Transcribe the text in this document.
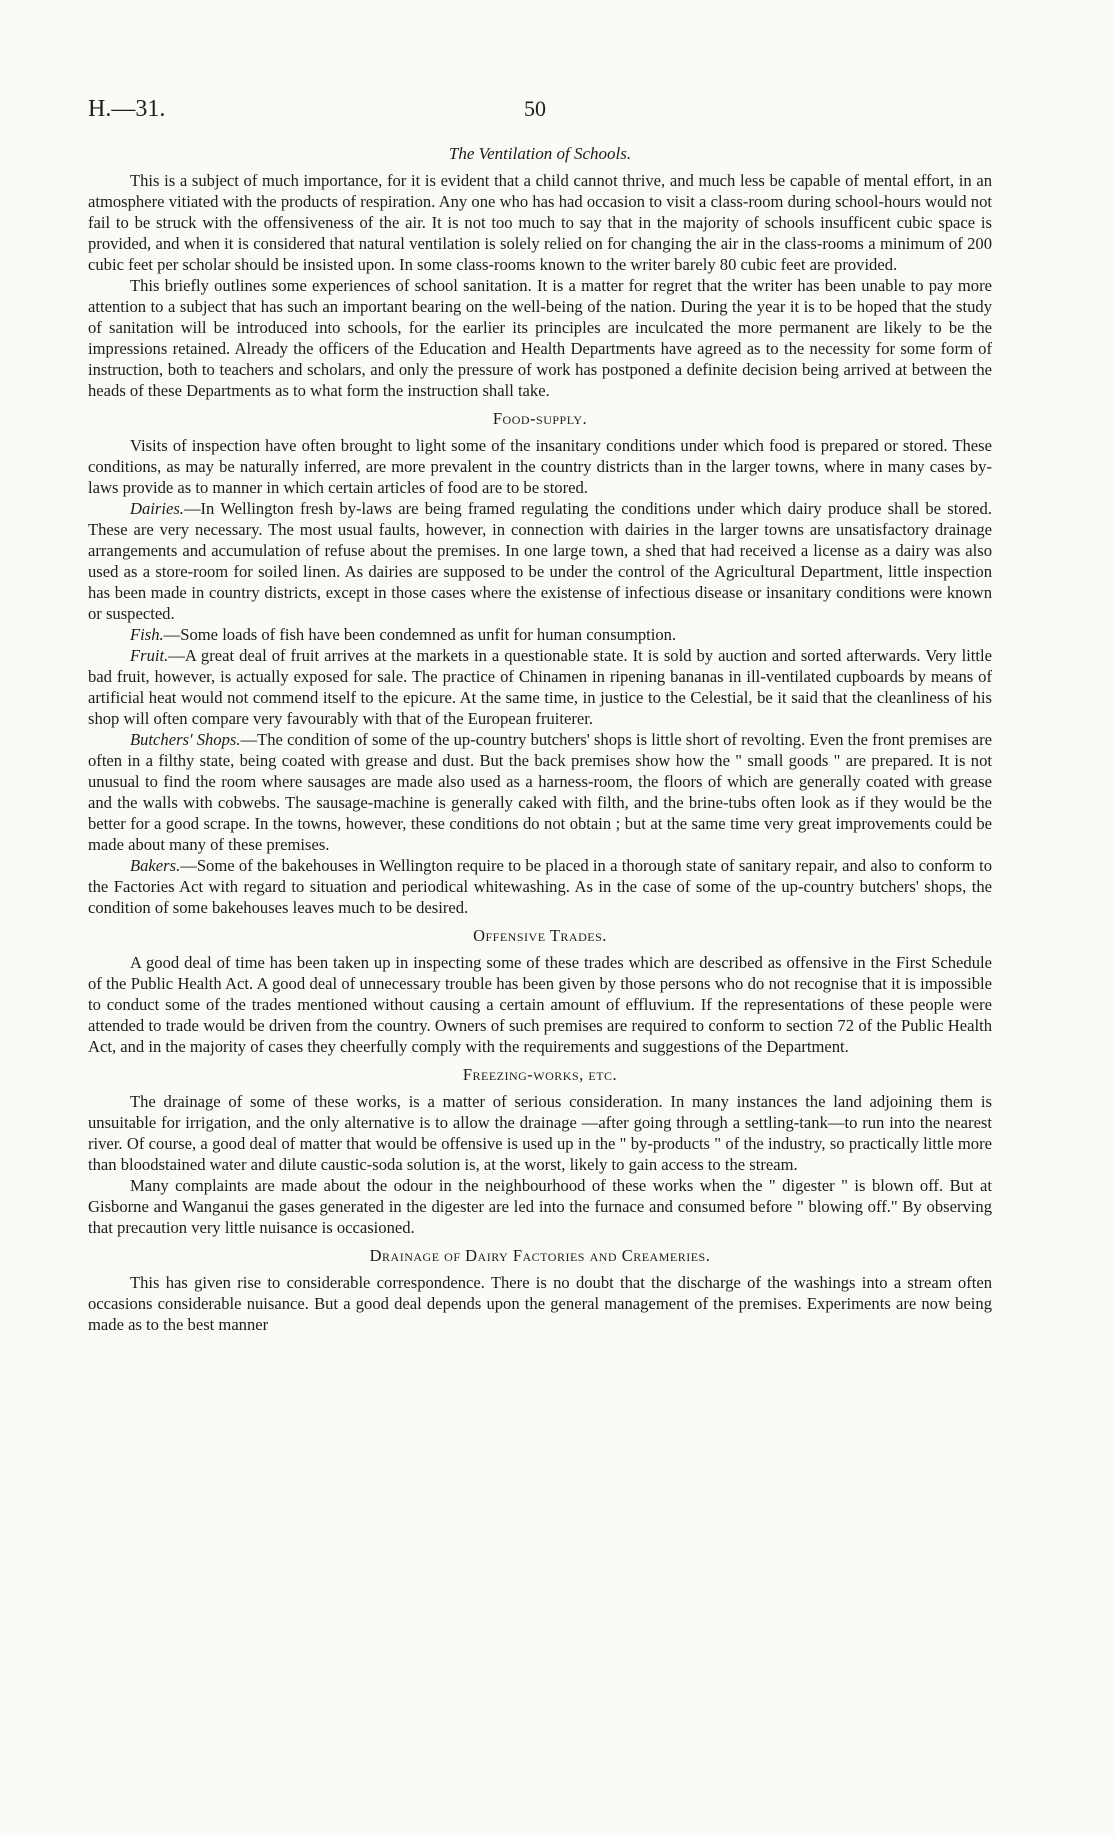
H.—31.	50
The Ventilation of Schools.

This is a subject of much importance, for it is evident that a child cannot thrive, and much less be capable of mental effort, in an atmosphere vitiated with the products of respiration. Any one who has had occasion to visit a class-room during school-hours would not fail to be struck with the offensiveness of the air. It is not too much to say that in the majority of schools insufficent cubic space is provided, and when it is considered that natural ventilation is solely relied on for changing the air in the class-rooms a minimum of 200 cubic feet per scholar should be insisted upon. In some class-rooms known to the writer barely 80 cubic feet are provided.

This briefly outlines some experiences of school sanitation. It is a matter for regret that the writer has been unable to pay more attention to a subject that has such an important bearing on the well-being of the nation. During the year it is to be hoped that the study of sanitation will be introduced into schools, for the earlier its principles are inculcated the more permanent are likely to be the impressions retained. Already the officers of the Education and Health Departments have agreed as to the necessity for some form of instruction, both to teachers and scholars, and only the pressure of work has postponed a definite decision being arrived at between the heads of these Departments as to what form the instruction shall take.

Food-supply.

Visits of inspection have often brought to light some of the insanitary conditions under which food is prepared or stored. These conditions, as may be naturally inferred, are more prevalent in the country districts than in the larger towns, where in many cases by-laws provide as to manner in which certain articles of food are to be stored.

Dairies.—In Wellington fresh by-laws are being framed regulating the conditions under which dairy produce shall be stored. These are very necessary. The most usual faults, however, in connection with dairies in the larger towns are unsatisfactory drainage arrangements and accumulation of refuse about the premises. In one large town, a shed that had received a license as a dairy was also used as a store-room for soiled linen. As dairies are supposed to be under the control of the Agricultural Department, little inspection has been made in country districts, except in those cases where the existense of infectious disease or insanitary conditions were known or suspected.

Fish.—Some loads of fish have been condemned as unfit for human consumption.

Fruit.—A great deal of fruit arrives at the markets in a questionable state. It is sold by auction and sorted afterwards. Very little bad fruit, however, is actually exposed for sale. The practice of Chinamen in ripening bananas in ill-ventilated cupboards by means of artificial heat would not commend itself to the epicure. At the same time, in justice to the Celestial, be it said that the cleanliness of his shop will often compare very favourably with that of the European fruiterer.

Butchers' Shops.—The condition of some of the up-country butchers' shops is little short of revolting. Even the front premises are often in a filthy state, being coated with grease and dust. But the back premises show how the " small goods " are prepared. It is not unusual to find the room where sausages are made also used as a harness-room, the floors of which are generally coated with grease and the walls with cobwebs. The sausage-machine is generally caked with filth, and the brine-tubs often look as if they would be the better for a good scrape. In the towns, however, these conditions do not obtain ; but at the same time very great improvements could be made about many of these premises.

Bakers.—Some of the bakehouses in Wellington require to be placed in a thorough state of sanitary repair, and also to conform to the Factories Act with regard to situation and periodical whitewashing. As in the case of some of the up-country butchers' shops, the condition of some bakehouses leaves much to be desired.

Offensive Trades.

A good deal of time has been taken up in inspecting some of these trades which are described as offensive in the First Schedule of the Public Health Act. A good deal of unnecessary trouble has been given by those persons who do not recognise that it is impossible to conduct some of the trades mentioned without causing a certain amount of effluvium. If the representations of these people were attended to trade would be driven from the country. Owners of such premises are required to conform to section 72 of the Public Health Act, and in the majority of cases they cheerfully comply with the requirements and suggestions of the Department.

Freezing-works, etc.

The drainage of some of these works, is a matter of serious consideration. In many instances the land adjoining them is unsuitable for irrigation, and the only alternative is to allow the drainage —after going through a settling-tank—to run into the nearest river. Of course, a good deal of matter that would be offensive is used up in the " by-products " of the industry, so practically little more than bloodstained water and dilute caustic-soda solution is, at the worst, likely to gain access to the stream.

Many complaints are made about the odour in the neighbourhood of these works when the " digester " is blown off. But at Gisborne and Wanganui the gases generated in the digester are led into the furnace and consumed before " blowing off." By observing that precaution very little nuisance is occasioned.

Drainage of Dairy Factories and Creameries.

This has given rise to considerable correspondence. There is no doubt that the discharge of the washings into a stream often occasions considerable nuisance. But a good deal depends upon the general management of the premises. Experiments are now being made as to the best manner
